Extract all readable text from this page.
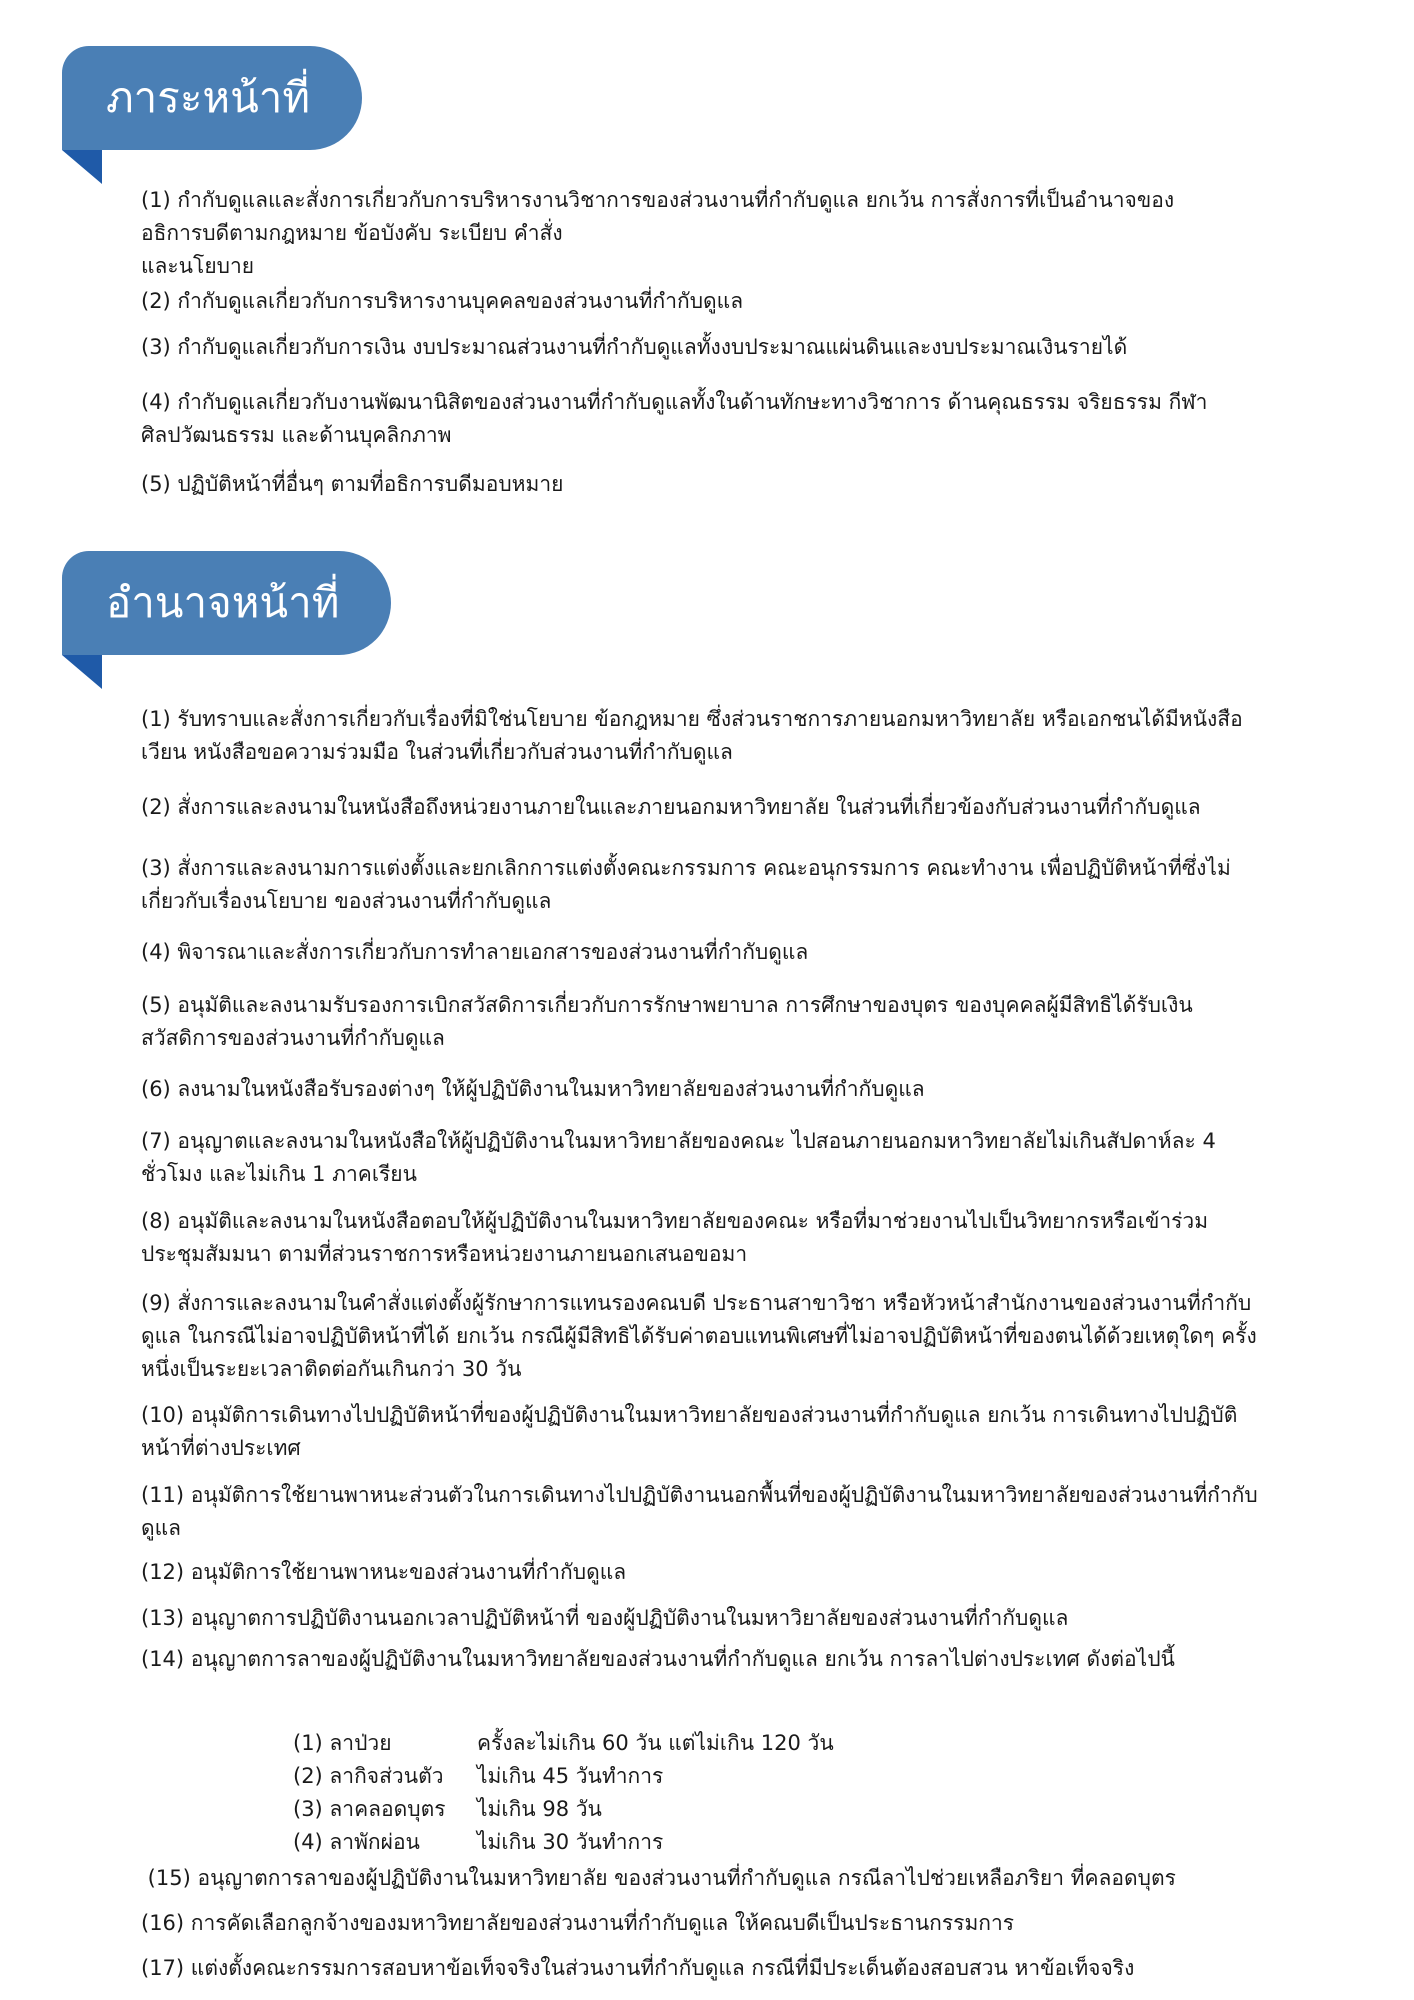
ภาระหน้าที่

(1) กำกับดูแลและสั่งการเกี่ยวกับการบริหารงานวิชาการของส่วนงานที่กำกับดูแล ยกเว้น การสั่งการที่เป็นอำนาจของ
อธิการบดีตามกฎหมาย ข้อบังคับ ระเบียบ คำสั่ง
และนโยบาย

(2) กำกับดูแลเกี่ยวกับการบริหารงานบุคคลของส่วนงานที่กำกับดูแล

(3) กำกับดูแลเกี่ยวกับการเงิน งบประมาณส่วนงานที่กำกับดูแลทั้งงบประมาณแผ่นดินและงบประมาณเงินรายได้

(4) กำกับดูแลเกี่ยวกับงานพัฒนานิสิตของส่วนงานที่กำกับดูแลทั้งในด้านทักษะทางวิชาการ ด้านคุณธรรม จริยธรรม กีฬา
ศิลปวัฒนธรรม และด้านบุคลิกภาพ

(5) ปฏิบัติหน้าที่อื่นๆ ตามที่อธิการบดีมอบหมาย

อำนาจหน้าที่

(1) รับทราบและสั่งการเกี่ยวกับเรื่องที่มิใช่นโยบาย ข้อกฎหมาย ซึ่งส่วนราชการภายนอกมหาวิทยาลัย หรือเอกชนได้มีหนังสือ
เวียน หนังสือขอความร่วมมือ ในส่วนที่เกี่ยวกับส่วนงานที่กำกับดูแล

(2) สั่งการและลงนามในหนังสือถึงหน่วยงานภายในและภายนอกมหาวิทยาลัย ในส่วนที่เกี่ยวข้องกับส่วนงานที่กำกับดูแล

(3) สั่งการและลงนามการแต่งตั้งและยกเลิกการแต่งตั้งคณะกรรมการ คณะอนุกรรมการ คณะทำงาน เพื่อปฏิบัติหน้าที่ซึ่งไม่
เกี่ยวกับเรื่องนโยบาย ของส่วนงานที่กำกับดูแล

(4) พิจารณาและสั่งการเกี่ยวกับการทำลายเอกสารของส่วนงานที่กำกับดูแล

(5) อนุมัติและลงนามรับรองการเบิกสวัสดิการเกี่ยวกับการรักษาพยาบาล การศึกษาของบุตร ของบุคคลผู้มีสิทธิได้รับเงิน
สวัสดิการของส่วนงานที่กำกับดูแล

(6) ลงนามในหนังสือรับรองต่างๆ ให้ผู้ปฏิบัติงานในมหาวิทยาลัยของส่วนงานที่กำกับดูแล

(7) อนุญาตและลงนามในหนังสือให้ผู้ปฏิบัติงานในมหาวิทยาลัยของคณะ ไปสอนภายนอกมหาวิทยาลัยไม่เกินสัปดาห์ละ 4
ชั่วโมง และไม่เกิน 1 ภาคเรียน

(8) อนุมัติและลงนามในหนังสือตอบให้ผู้ปฏิบัติงานในมหาวิทยาลัยของคณะ หรือที่มาช่วยงานไปเป็นวิทยากรหรือเข้าร่วม
ประชุมสัมมนา ตามที่ส่วนราชการหรือหน่วยงานภายนอกเสนอขอมา

(9) สั่งการและลงนามในคำสั่งแต่งตั้งผู้รักษาการแทนรองคณบดี ประธานสาขาวิชา หรือหัวหน้าสำนักงานของส่วนงานที่กำกับ
ดูแล ในกรณีไม่อาจปฏิบัติหน้าที่ได้ ยกเว้น กรณีผู้มีสิทธิได้รับค่าตอบแทนพิเศษที่ไม่อาจปฏิบัติหน้าที่ของตนได้ด้วยเหตุใดๆ ครั้ง
หนึ่งเป็นระยะเวลาติดต่อกันเกินกว่า 30 วัน

(10) อนุมัติการเดินทางไปปฏิบัติหน้าที่ของผู้ปฏิบัติงานในมหาวิทยาลัยของส่วนงานที่กำกับดูแล ยกเว้น การเดินทางไปปฏิบัติ
หน้าที่ต่างประเทศ

(11) อนุมัติการใช้ยานพาหนะส่วนตัวในการเดินทางไปปฏิบัติงานนอกพื้นที่ของผู้ปฏิบัติงานในมหาวิทยาลัยของส่วนงานที่กำกับ
ดูแล

(12) อนุมัติการใช้ยานพาหนะของส่วนงานที่กำกับดูแล

(13) อนุญาตการปฏิบัติงานนอกเวลาปฏิบัติหน้าที่ ของผู้ปฏิบัติงานในมหาวิยาลัยของส่วนงานที่กำกับดูแล

(14) อนุญาตการลาของผู้ปฏิบัติงานในมหาวิทยาลัยของส่วนงานที่กำกับดูแล ยกเว้น การลาไปต่างประเทศ ดังต่อไปนี้

(1) ลาป่วย	ครั้งละไม่เกิน 60 วัน แต่ไม่เกิน 120 วัน
(2) ลากิจส่วนตัว	ไม่เกิน 45 วันทำการ
(3) ลาคลอดบุตร	ไม่เกิน 98 วัน
(4) ลาพักผ่อน	ไม่เกิน 30 วันทำการ

(15) อนุญาตการลาของผู้ปฏิบัติงานในมหาวิทยาลัย ของส่วนงานที่กำกับดูแล กรณีลาไปช่วยเหลือภริยา ที่คลอดบุตร

(16) การคัดเลือกลูกจ้างของมหาวิทยาลัยของส่วนงานที่กำกับดูแล ให้คณบดีเป็นประธานกรรมการ

(17) แต่งตั้งคณะกรรมการสอบหาข้อเท็จจริงในส่วนงานที่กำกับดูแล กรณีที่มีประเด็นต้องสอบสวน หาข้อเท็จจริง
